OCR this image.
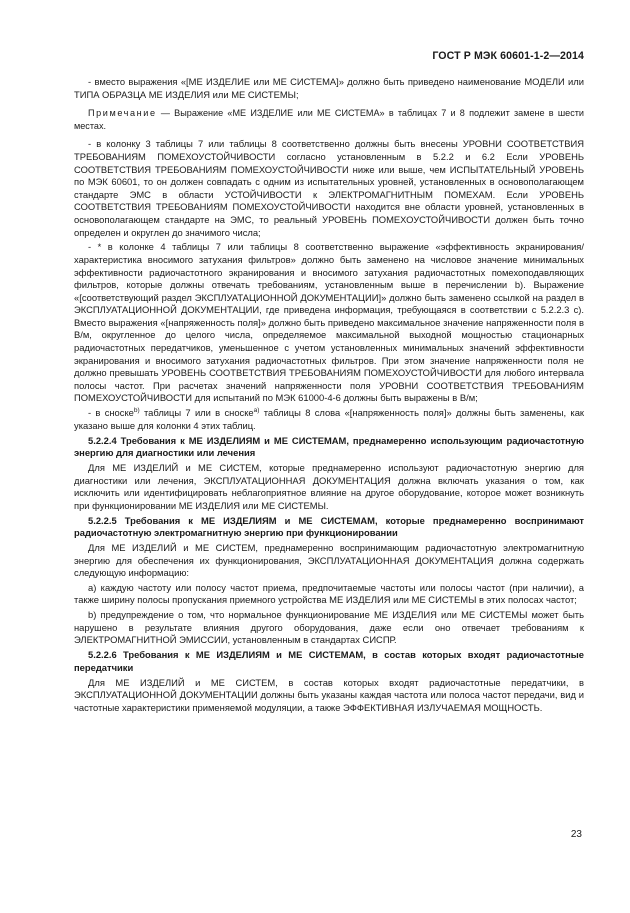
ГОСТ Р МЭК 60601-1-2—2014

- вместо выражения «[МЕ ИЗДЕЛИЕ или МЕ СИСТЕМА]» должно быть приведено наименование МОДЕЛИ или ТИПА ОБРАЗЦА МЕ ИЗДЕЛИЯ или МЕ СИСТЕМЫ;

Примечание — Выражение «МЕ ИЗДЕЛИЕ или МЕ СИСТЕМА» в таблицах 7 и 8 подлежит замене в шести местах.

- в колонку 3 таблицы 7 или таблицы 8 соответственно должны быть внесены УРОВНИ СООТВЕТСТВИЯ ТРЕБОВАНИЯМ ПОМЕХОУСТОЙЧИВОСТИ согласно установленным в 5.2.2 и 6.2 Если УРОВЕНЬ СООТВЕТСТВИЯ ТРЕБОВАНИЯМ ПОМЕХОУСТОЙЧИВОСТИ ниже или выше, чем ИСПЫТАТЕЛЬНЫЙ УРОВЕНЬ по МЭК 60601, то он должен совпадать с одним из испытательных уровней, установленных в основополагающем стандарте ЭМС в области УСТОЙЧИВОСТИ к ЭЛЕКТРОМАГНИТНЫМ ПОМЕХАМ. Если УРОВЕНЬ СООТВЕТСТВИЯ ТРЕБОВАНИЯМ ПОМЕХОУСТОЙЧИВОСТИ находится вне области уровней, установленных в основополагающем стандарте на ЭМС, то реальный УРОВЕНЬ ПОМЕХОУСТОЙЧИВОСТИ должен быть точно определен и округлен до значимого числа;

- * в колонке 4 таблицы 7 или таблицы 8 соответственно выражение «эффективность экранирования/характеристика вносимого затухания фильтров» должно быть заменено на числовое значение минимальных эффективности радиочастотного экранирования и вносимого затухания радиочастотных помехоподавляющих фильтров, которые должны отвечать требованиям, установленным выше в перечислении b). Выражение «[соответствующий раздел ЭКСПЛУАТАЦИОННОЙ ДОКУМЕНТАЦИИ]» должно быть заменено ссылкой на раздел в ЭКСПЛУАТАЦИОННОЙ ДОКУМЕНТАЦИИ, где приведена информация, требующаяся в соответствии с 5.2.2.3 с). Вместо выражения «[напряженность поля]» должно быть приведено максимальное значение напряженности поля в В/м, округленное до целого числа, определяемое максимальной выходной мощностью стационарных радиочастотных передатчиков, уменьшенное с учетом установленных минимальных значений эффективности экранирования и вносимого затухания радиочастотных фильтров. При этом значение напряженности поля не должно превышать УРОВЕНЬ СООТВЕТСТВИЯ ТРЕБОВАНИЯМ ПОМЕХОУСТОЙЧИВОСТИ для любого интервала полосы частот. При расчетах значений напряженности поля УРОВНИ СООТВЕТСТВИЯ ТРЕБОВАНИЯМ ПОМЕХОУСТОЙЧИВОСТИ для испытаний по МЭК 61000-4-6 должны быть выражены в В/м;

- в сноске$^{b)}$ таблицы 7 или в сноске$^{a)}$ таблицы 8 слова «[напряженность поля]» должны быть заменены, как указано выше для колонки 4 этих таблиц.

5.2.2.4 Требования к МЕ ИЗДЕЛИЯМ и МЕ СИСТЕМАМ, преднамеренно использующим радиочастотную энергию для диагностики или лечения

Для МЕ ИЗДЕЛИЙ и МЕ СИСТЕМ, которые преднамеренно используют радиочастотную энергию для диагностики или лечения, ЭКСПЛУАТАЦИОННАЯ ДОКУМЕНТАЦИЯ должна включать указания о том, как исключить или идентифицировать неблагоприятное влияние на другое оборудование, которое может возникнуть при функционировании МЕ ИЗДЕЛИЯ или МЕ СИСТЕМЫ.

5.2.2.5 Требования к МЕ ИЗДЕЛИЯМ и МЕ СИСТЕМАМ, которые преднамеренно воспринимают радиочастотную электромагнитную энергию при функционировании

Для МЕ ИЗДЕЛИЙ и МЕ СИСТЕМ, преднамеренно воспринимающим радиочастотную электромагнитную энергию для обеспечения их функционирования, ЭКСПЛУАТАЦИОННАЯ ДОКУМЕНТАЦИЯ должна содержать следующую информацию:

а) каждую частоту или полосу частот приема, предпочитаемые частоты или полосы частот (при наличии), а также ширину полосы пропускания приемного устройства МЕ ИЗДЕЛИЯ или МЕ СИСТЕМЫ в этих полосах частот;

b) предупреждение о том, что нормальное функционирование МЕ ИЗДЕЛИЯ или МЕ СИСТЕМЫ может быть нарушено в результате влияния другого оборудования, даже если оно отвечает требованиям к ЭЛЕКТРОМАГНИТНОЙ ЭМИССИИ, установленным в стандартах СИСПР.

5.2.2.6 Требования к МЕ ИЗДЕЛИЯМ и МЕ СИСТЕМАМ, в состав которых входят радиочастотные передатчики

Для МЕ ИЗДЕЛИЙ и МЕ СИСТЕМ, в состав которых входят радиочастотные передатчики, в ЭКСПЛУАТАЦИОННОЙ ДОКУМЕНТАЦИИ должны быть указаны каждая частота или полоса частот передачи, вид и частотные характеристики применяемой модуляции, а также ЭФФЕКТИВНАЯ ИЗЛУЧАЕМАЯ МОЩНОСТЬ.

23
